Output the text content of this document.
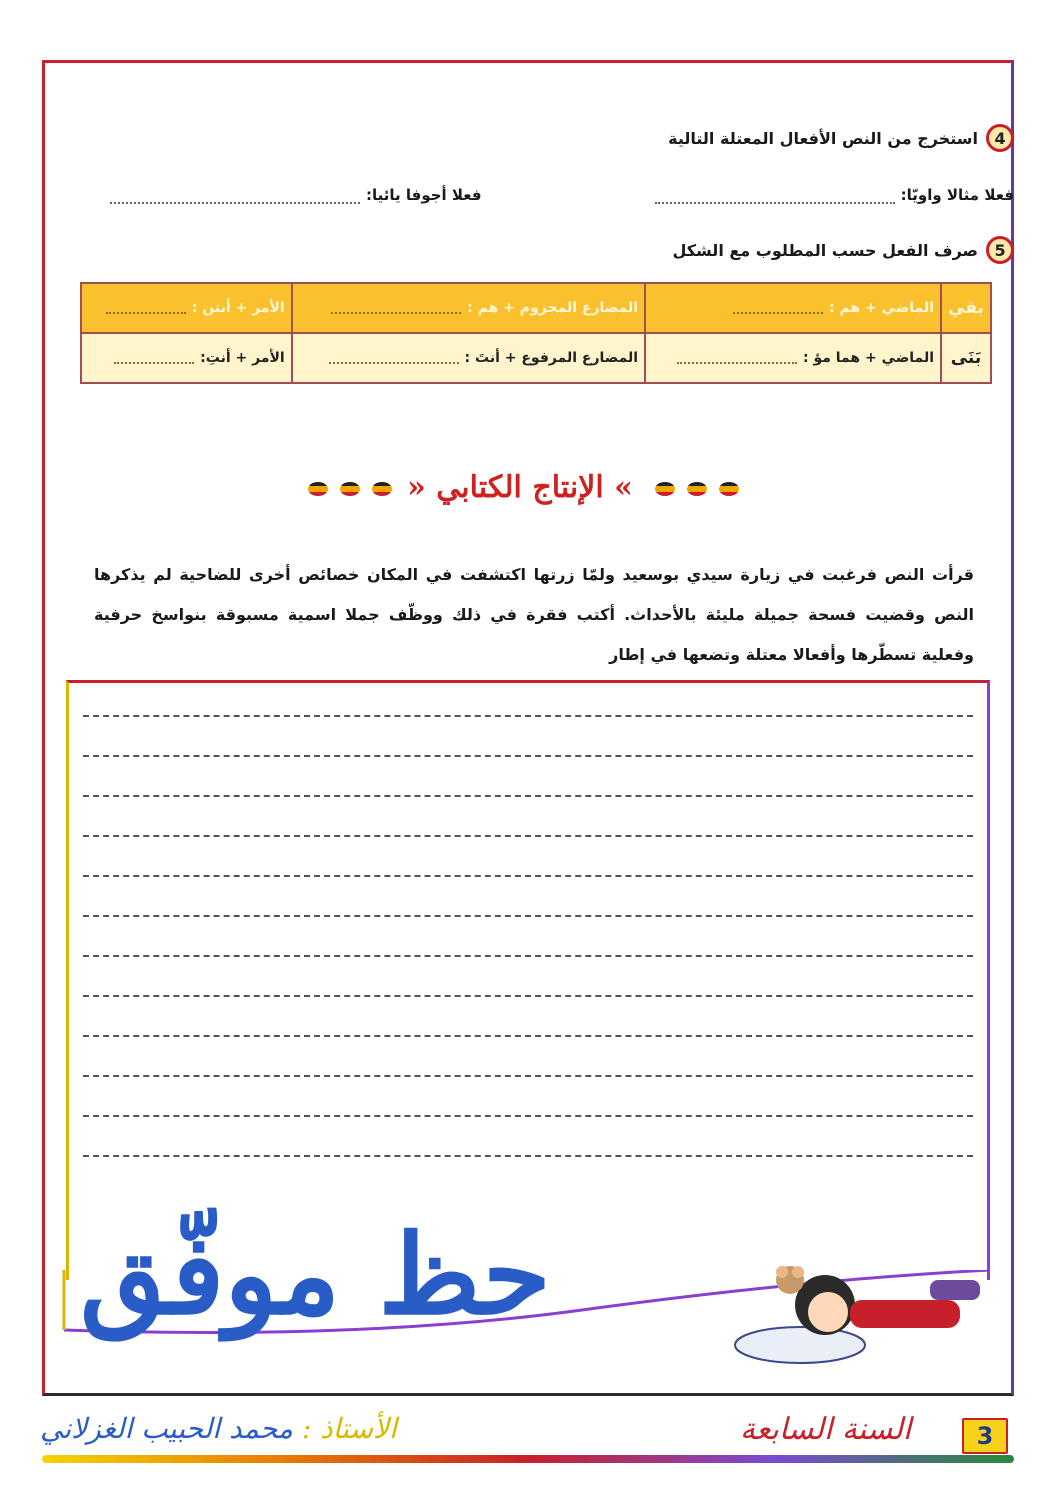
4
استخرج من النص الأفعال المعتلة التالية
فعلا مثالا واويّا:
فعلا أجوفا يائيا:
5
صرف الفعل حسب المطلوب مع الشكل
بقي	الماضي + هم :	المضارع المجزوم + هم :	الأمر + أنتن :

بَنَى	الماضي + هما مؤ :	المضارع المرفوع + أنتَ :	الأمر + أنتِ:
» الإنتاج الكتابي «
قرأت النص فرغبت في زيارة سيدي بوسعيد ولمّا زرتها اكتشفت في المكان خصائص أخرى للضاحية لم يذكرها النص وقضيت فسحة جميلة مليئة بالأحداث. أكتب فقرة في ذلك ووظّف جملا اسمية مسبوقة بنواسخ حرفية وفعلية تسطّرها وأفعالا معتلة وتضعها في إطار
حظ موفّق
3
السنة السابعة
الأستاذ : محمد الحبيب الغزلاني
